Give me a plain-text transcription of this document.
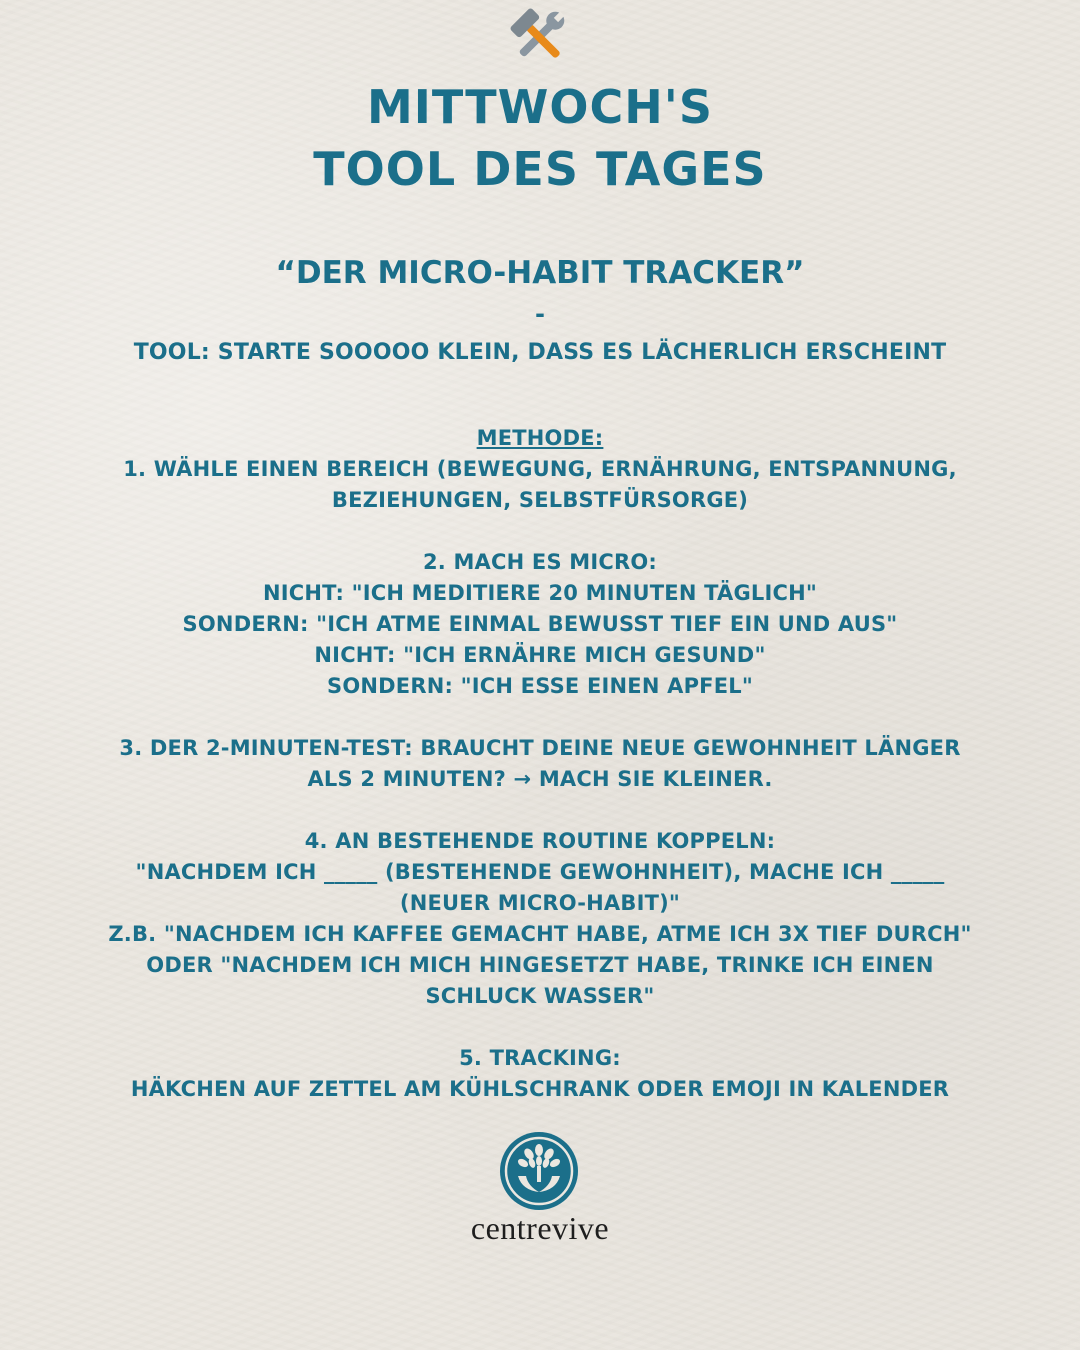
MITTWOCH'S
TOOL DES TAGES
“DER MICRO-HABIT TRACKER”
-
TOOL: STARTE SOOOOO KLEIN, DASS ES LÄCHERLICH ERSCHEINT
METHODE:
1. WÄHLE EINEN BEREICH (BEWEGUNG, ERNÄHRUNG, ENTSPANNUNG,
BEZIEHUNGEN, SELBSTFÜRSORGE)
2. MACH ES MICRO:
NICHT: "ICH MEDITIERE 20 MINUTEN TÄGLICH"
SONDERN: "ICH ATME EINMAL BEWUSST TIEF EIN UND AUS"
NICHT: "ICH ERNÄHRE MICH GESUND"
SONDERN: "ICH ESSE EINEN APFEL"
3. DER 2-MINUTEN-TEST: BRAUCHT DEINE NEUE GEWOHNHEIT LÄNGER
ALS 2 MINUTEN? → MACH SIE KLEINER.
4. AN BESTEHENDE ROUTINE KOPPELN:
"NACHDEM ICH _____ (BESTEHENDE GEWOHNHEIT), MACHE ICH _____
(NEUER MICRO-HABIT)"
Z.B. "NACHDEM ICH KAFFEE GEMACHT HABE, ATME ICH 3X TIEF DURCH"
ODER "NACHDEM ICH MICH HINGESETZT HABE, TRINKE ICH EINEN
SCHLUCK WASSER"
5. TRACKING:
HÄKCHEN AUF ZETTEL AM KÜHLSCHRANK ODER EMOJI IN KALENDER
centrevive
